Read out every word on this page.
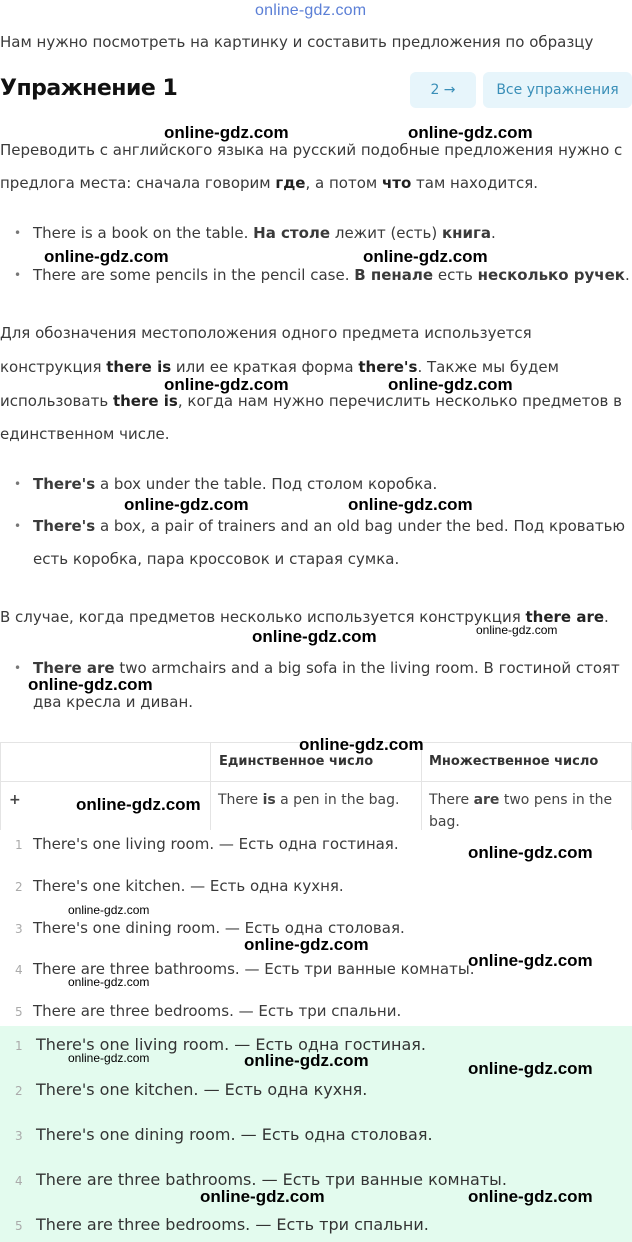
online-gdz.com
Нам нужно посмотреть на картинку и составить предложения по образцу
Упражнение 1	2 →	Все упражнения
Переводить с английского языка на русский подобные предложения нужно с
предлога места: сначала говорим где, а потом что там находится.
• There is a book on the table. На столе лежит (есть) книга.
• There are some pencils in the pencil case. В пенале есть несколько ручек.
Для обозначения местоположения одного предмета используется
конструкция there is или ее краткая форма there's. Также мы будем
использовать there is, когда нам нужно перечислить несколько предметов в
единственном числе.
• There's a box under the table. Под столом коробка.
• There's a box, a pair of trainers and an old bag under the bed. Под кроватью
есть коробка, пара кроссовок и старая сумка.
В случае, когда предметов несколько используется конструкция there are.
• There are two armchairs and a big sofa in the living room. В гостиной стоят
два кресла и диван.
Единственное число	Множественное число
+	There is a pen in the bag. There are two pens in the
bag.
1 There's one living room. — Есть одна гостиная.
2 There's one kitchen. — Есть одна кухня.
3 There's one dining room. — Есть одна столовая.
4 There are three bathrooms. — Есть три ванные комнаты.
5 There are three bedrooms. — Есть три спальни.
1 There's one living room. — Есть одна гостиная.
2 There's one kitchen. — Есть одна кухня.
3 There's one dining room. — Есть одна столовая.
4 There are three bathrooms. — Есть три ванные комнаты.
5 There are three bedrooms. — Есть три спальни.
online-gdz.com	online-gdz.com
online-gdz.com	online-gdz.com
online-gdz.com	online-gdz.com
online-gdz.com	online-gdz.com
online-gdz.com	online-gdz.com
online-gdz.com
online-gdz.com
online-gdz.com
online-gdz.com
online-gdz.com
online-gdz.com
online-gdz.com
online-gdz.com
online-gdz.com	online-gdz.com	online-gdz.com
online-gdz.com	online-gdz.com
